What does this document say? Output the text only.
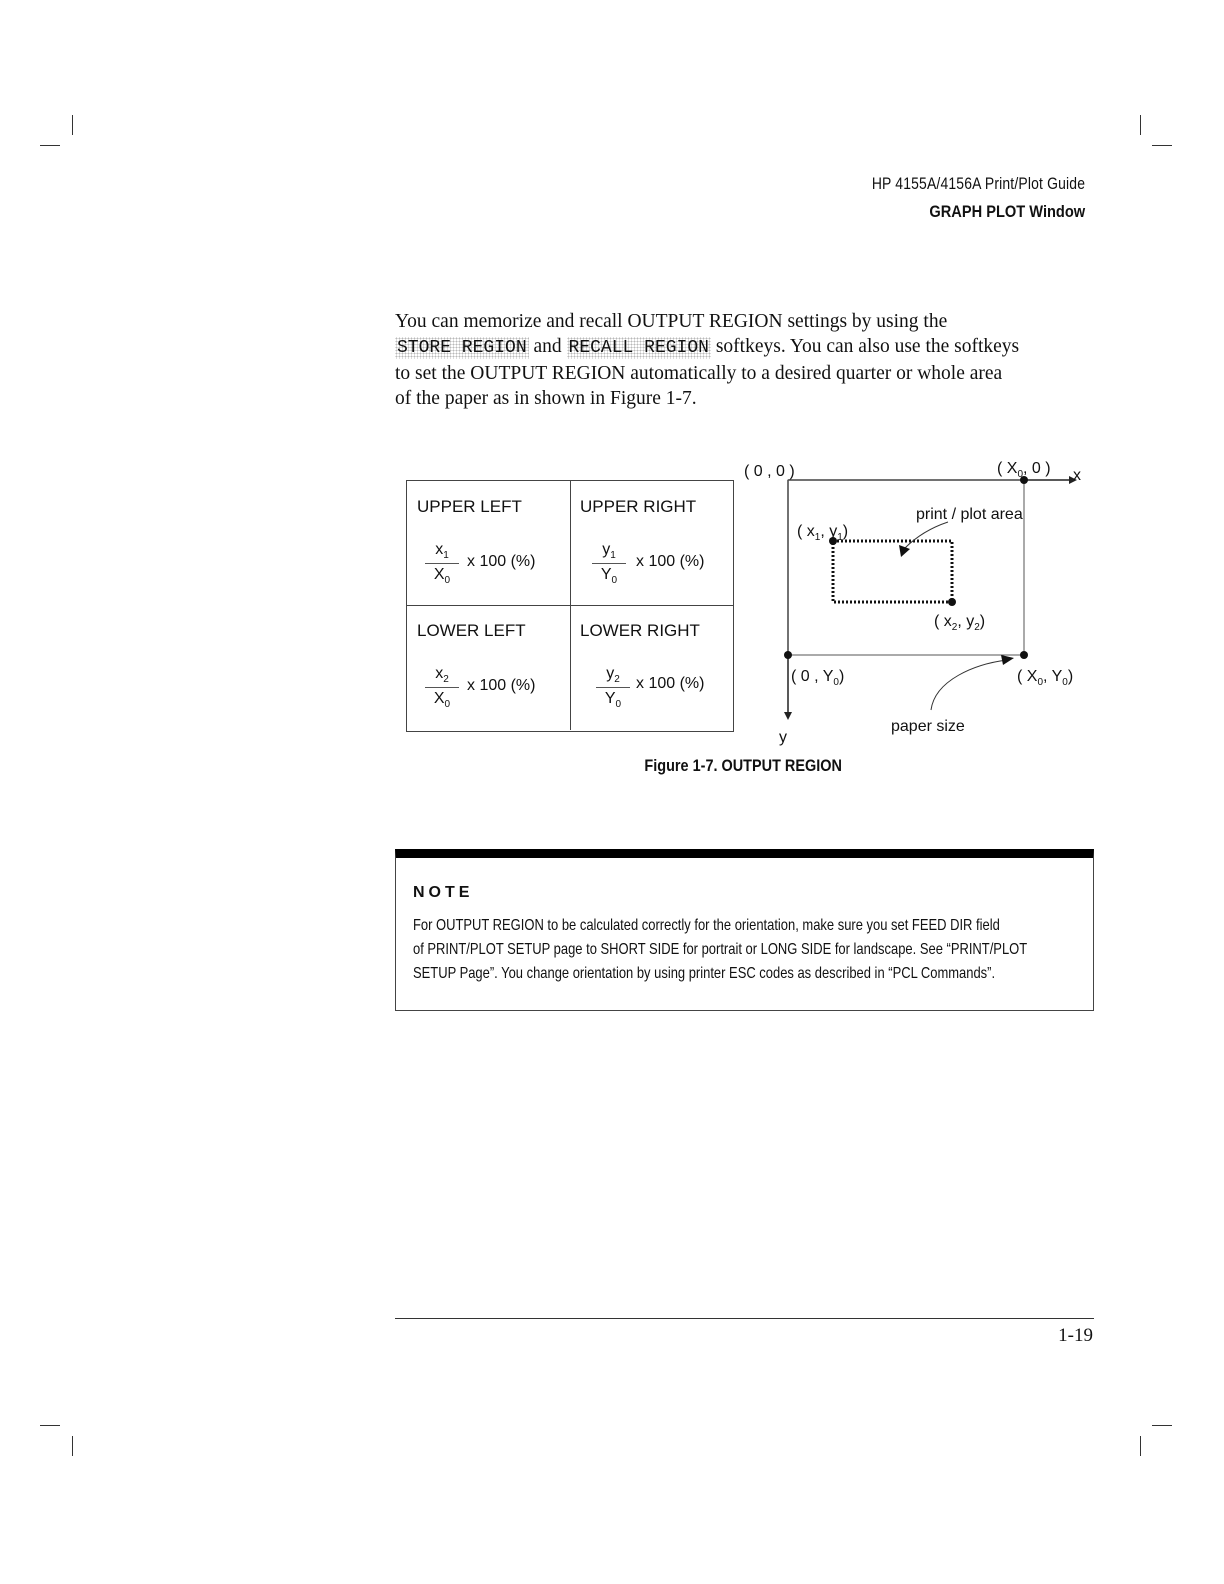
HP 4155A/4156A Print/Plot Guide
GRAPH PLOT Window
You can memorize and recall OUTPUT REGION settings by using the
STORE REGION and RECALL REGION softkeys. You can also use the softkeys
to set the OUTPUT REGION automatically to a desired quarter or whole area
of the paper as in shown in Figure 1-7.
UPPER LEFT
$\frac{x_1}{X_0}$ x 100 (%)
UPPER RIGHT
$\frac{y_1}{Y_0}$ x 100 (%)
LOWER LEFT
$\frac{x_2}{X_0}$ x 100 (%)
LOWER RIGHT
$\frac{y_2}{Y_0}$ x 100 (%)
( 0 , 0 )	( $X_0$, 0 ) x
y
( $x_1$, $y_1$)
( $x_2$, $y_2$)
( 0 , $Y_0$)	( $X_0$, $Y_0$)
print / plot area
paper size
Figure 1-7. OUTPUT REGION
NOTE
For OUTPUT REGION to be calculated correctly for the orientation, make sure you set FEED DIR field
of PRINT/PLOT SETUP page to SHORT SIDE for portrait or LONG SIDE for landscape. See “PRINT/PLOT
SETUP Page”. You change orientation by using printer ESC codes as described in “PCL Commands”.
1-19
